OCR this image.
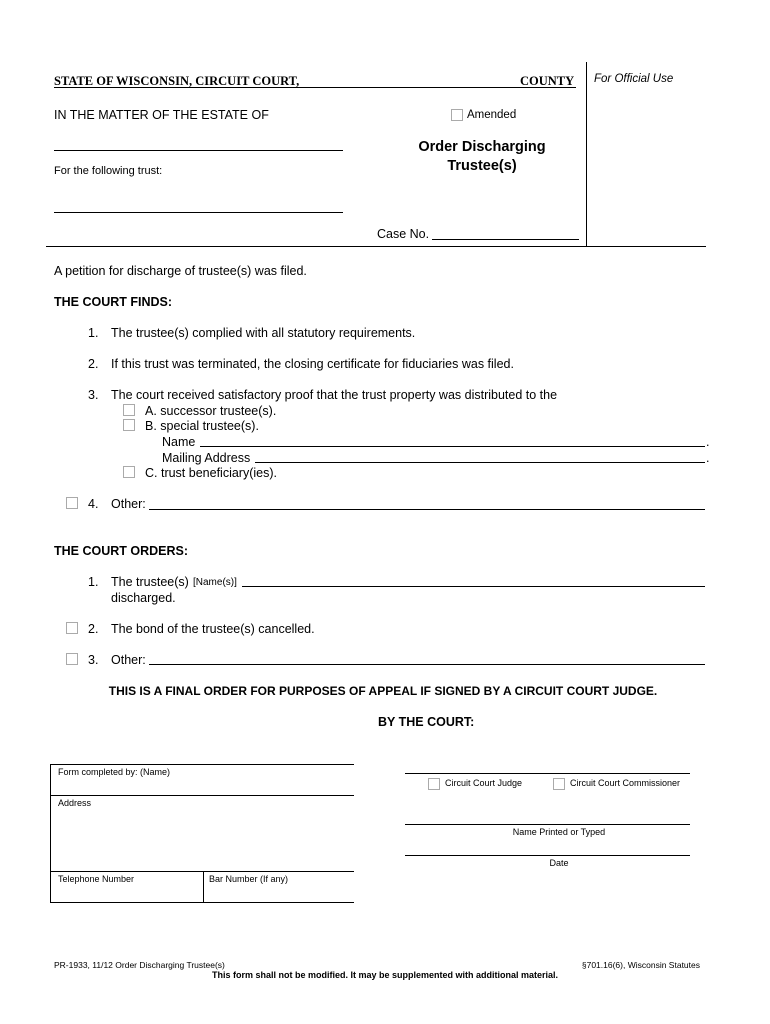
STATE OF WISCONSIN, CIRCUIT COURT,	COUNTY For Official Use
IN THE MATTER OF THE ESTATE OF	Amended
For the following trust:
Order Discharging
Trustee(s)
Case No.
A petition for discharge of trustee(s) was filed.
THE COURT FINDS:
1. The trustee(s) complied with all statutory requirements.
2. If this trust was terminated, the closing certificate for fiduciaries was filed.
3. The court received satisfactory proof that the trust property was distributed to the
A. successor trustee(s).
B. special trustee(s).
Name	.
Mailing Address	.
C. trust beneficiary(ies).
4. Other:
THE COURT ORDERS:
1. The trustee(s) [Name(s)]
discharged.
2. The bond of the trustee(s) cancelled.
3. Other:
THIS IS A FINAL ORDER FOR PURPOSES OF APPEAL IF SIGNED BY A CIRCUIT COURT JUDGE.
BY THE COURT:
Form completed by: (Name)
Address
Telephone Number	Bar Number (If any)
Circuit Court Judge	Circuit Court Commissioner
Name Printed or Typed
Date
PR-1933, 11/12 Order Discharging Trustee(s)	§701.16(6), Wisconsin Statutes
This form shall not be modified. It may be supplemented with additional material.
